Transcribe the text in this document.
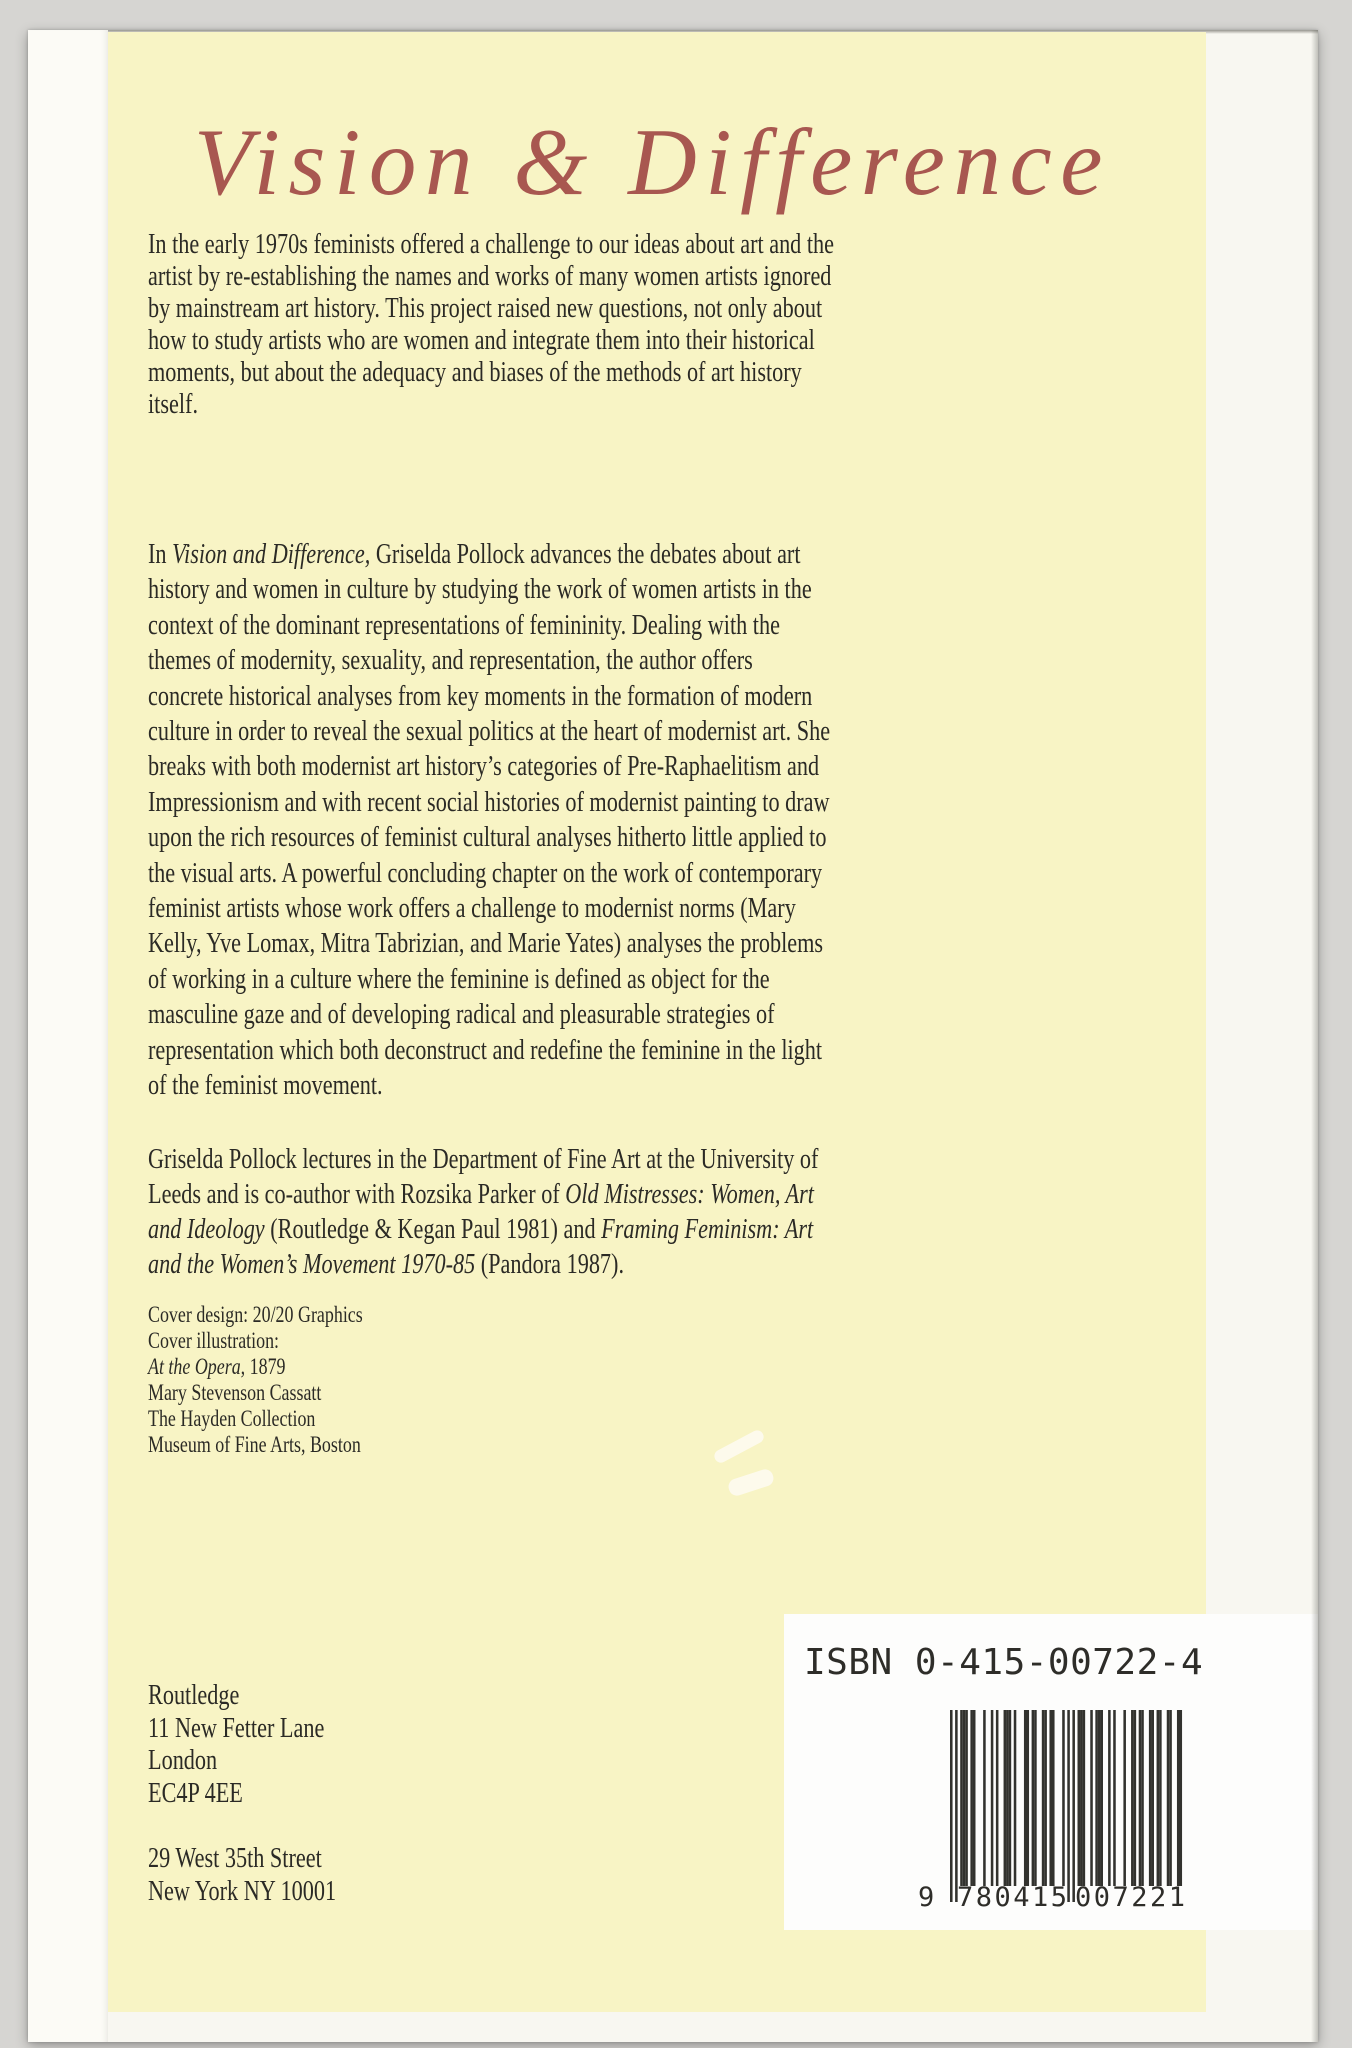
Vision & Difference
In the early 1970s feminists offered a challenge to our ideas about art and the
artist by re-establishing the names and works of many women artists ignored
by mainstream art history. This project raised new questions, not only about
how to study artists who are women and integrate them into their historical
moments, but about the adequacy and biases of the methods of art history
itself.
In Vision and Difference, Griselda Pollock advances the debates about art
history and women in culture by studying the work of women artists in the
context of the dominant representations of femininity. Dealing with the
themes of modernity, sexuality, and representation, the author offers
concrete historical analyses from key moments in the formation of modern
culture in order to reveal the sexual politics at the heart of modernist art. She
breaks with both modernist art history’s categories of Pre-Raphaelitism and
Impressionism and with recent social histories of modernist painting to draw
upon the rich resources of feminist cultural analyses hitherto little applied to
the visual arts. A powerful concluding chapter on the work of contemporary
feminist artists whose work offers a challenge to modernist norms (Mary
Kelly, Yve Lomax, Mitra Tabrizian, and Marie Yates) analyses the problems
of working in a culture where the feminine is defined as object for the
masculine gaze and of developing radical and pleasurable strategies of
representation which both deconstruct and redefine the feminine in the light
of the feminist movement.
Griselda Pollock lectures in the Department of Fine Art at the University of
Leeds and is co-author with Rozsika Parker of Old Mistresses: Women, Art
and Ideology (Routledge & Kegan Paul 1981) and Framing Feminism: Art
and the Women’s Movement 1970-85 (Pandora 1987).
Cover design: 20/20 Graphics
Cover illustration:
At the Opera, 1879
Mary Stevenson Cassatt
The Hayden Collection
Museum of Fine Arts, Boston
Routledge
11 New Fetter Lane
London
EC4P 4EE
29 West 35th Street
New York NY 10001
ISBN 0-415-00722-4
9 780415 007221
